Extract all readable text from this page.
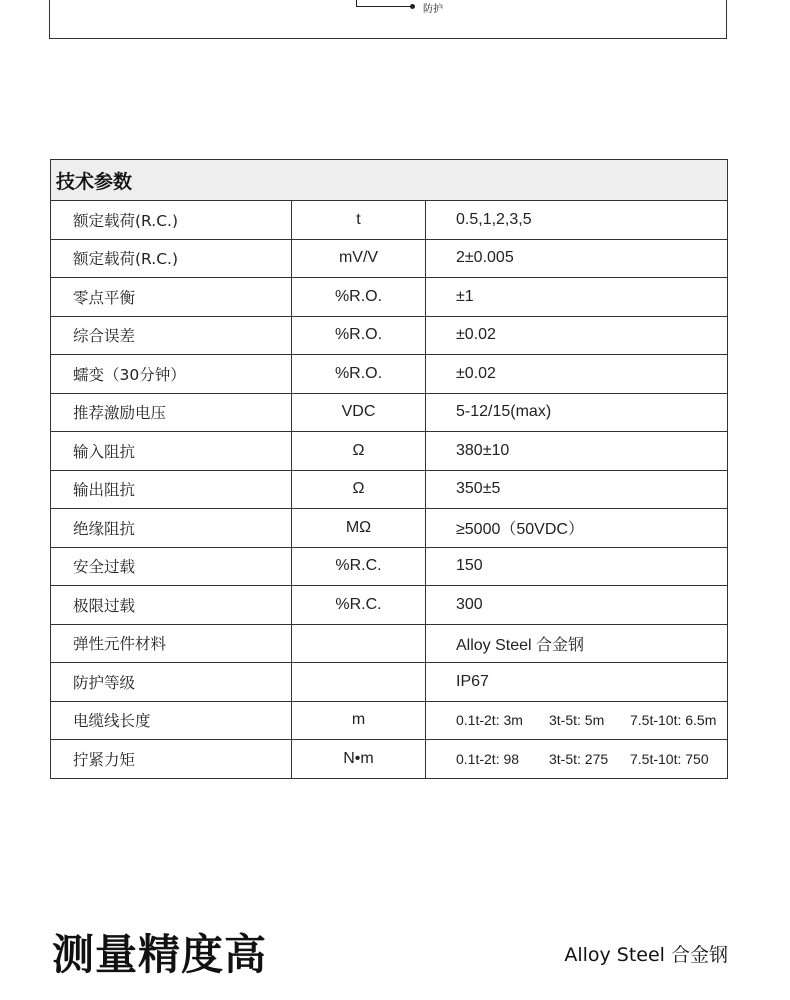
防护
技术参数		
额定载荷(R.C.)	t	0.5,1,2,3,5
额定载荷(R.C.)	mV/V	2±0.005
零点平衡	%R.O.	±1
综合误差	%R.O.	±0.02
蠕变（30分钟）	%R.O.	±0.02
推荐激励电压	VDC	5-12/15(max)
输入阻抗	Ω	380±10
输出阻抗	Ω	350±5
绝缘阻抗	MΩ	≥5000（50VDC）
安全过载	%R.C.	150
极限过载	%R.C.	300
弹性元件材料		Alloy Steel 合金钢
防护等级		IP67
电缆线长度	m	0.1t-2t: 3m 3t-5t: 5m 7.5t-10t: 6.5m
拧紧力矩	N•m	0.1t-2t: 98 3t-5t: 275 7.5t-10t: 750
测量精度高	Alloy Steel 合金钢
